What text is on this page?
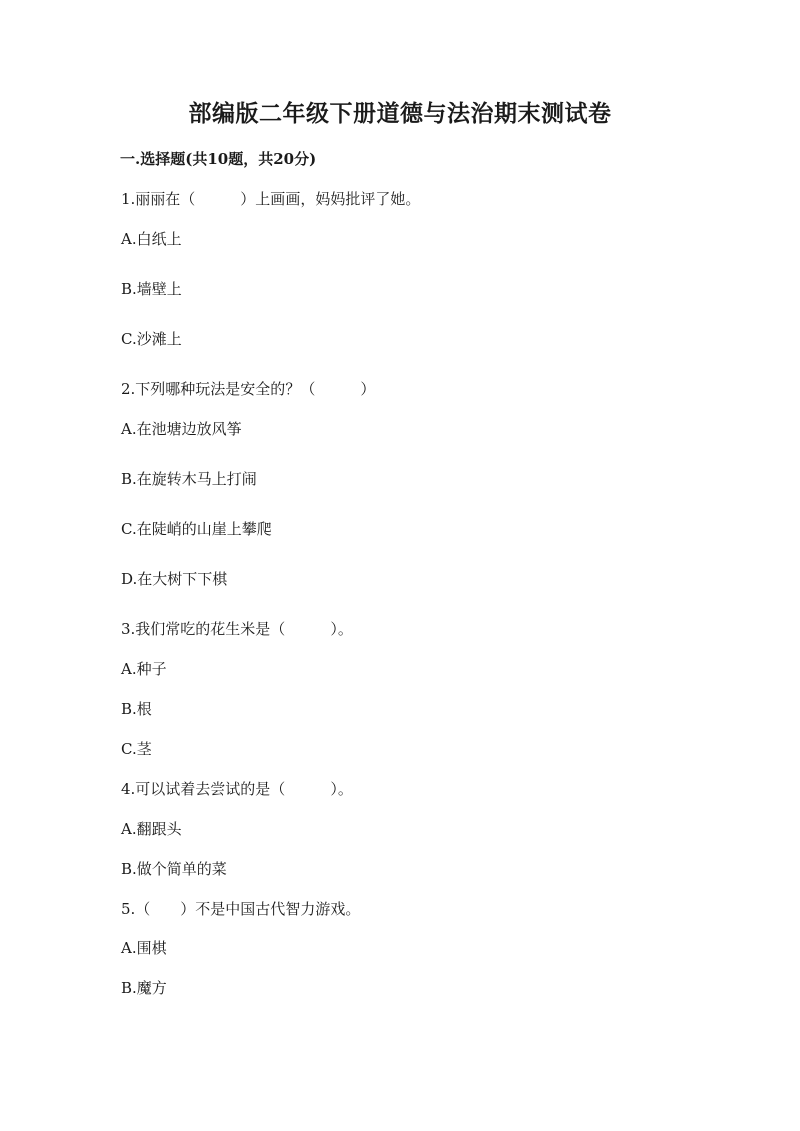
部编版二年级下册道德与法治期末测试卷
一.选择题(共10题，共20分)
1.丽丽在（　　　）上画画，妈妈批评了她。
A.白纸上
B.墙壁上
C.沙滩上
2.下列哪种玩法是安全的？（　　　）
A.在池塘边放风筝
B.在旋转木马上打闹
C.在陡峭的山崖上攀爬
D.在大树下下棋
3.我们常吃的花生米是（　　　）。
A.种子
B.根
C.茎
4.可以试着去尝试的是（　　　）。
A.翻跟头
B.做个简单的菜
5.（　　）不是中国古代智力游戏。
A.围棋
B.魔方
